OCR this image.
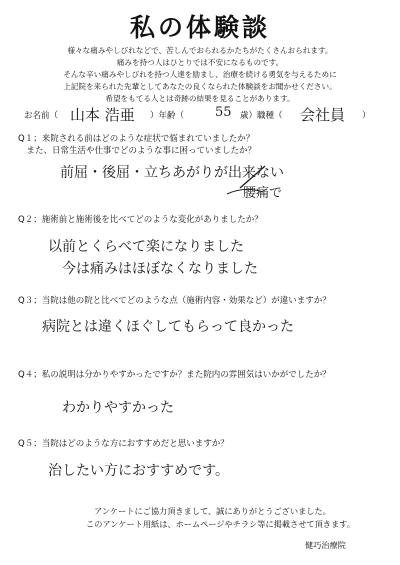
私の体験談
様々な痛みやしびれなどで、苦しんでおられるかたちがたくさんおられます。
痛みを持つ人はひとりでは不安になるものです。
そんな辛い痛みやしびれを持つ人達を励まし、治療を続ける勇気を与えるために
上記院を来られた先輩としてあなたの良くなられた体験談をお聞かせください。
希望をもてる人とは奇跡の結果を見ることがあります。
お名前（ 山本 浩亜 ）年齢（ 55 歳）職種（ 会社員 ）
Q１；来院される前はどのような症状で悩まれていましたか？
　また、日常生活や仕事でどのような事に困っていましたか？
前屈・後屈・立ちあがりが出来ない
腰痛で
Q２；施術前と施術後を比べてどのような変化がありましたか？
以前とくらべて楽になりました
今は痛みはほぼなくなりました
Q３；当院は他の院と比べてどのような点（施術内容・効果など）が違いますか？
病院とは違くほぐしてもらって良かった
Q４；私の説明は分かりやすかったですか？また院内の雰囲気はいかがでしたか？
わかりやすかった
Q５；当院はどのような方におすすめだと思いますか？
治したい方におすすめです。
アンケートにご協力頂きまして、誠にありがとうございました。
このアンケート用紙は、ホームページやチラシ等に掲載させて頂きます。
健巧治療院
